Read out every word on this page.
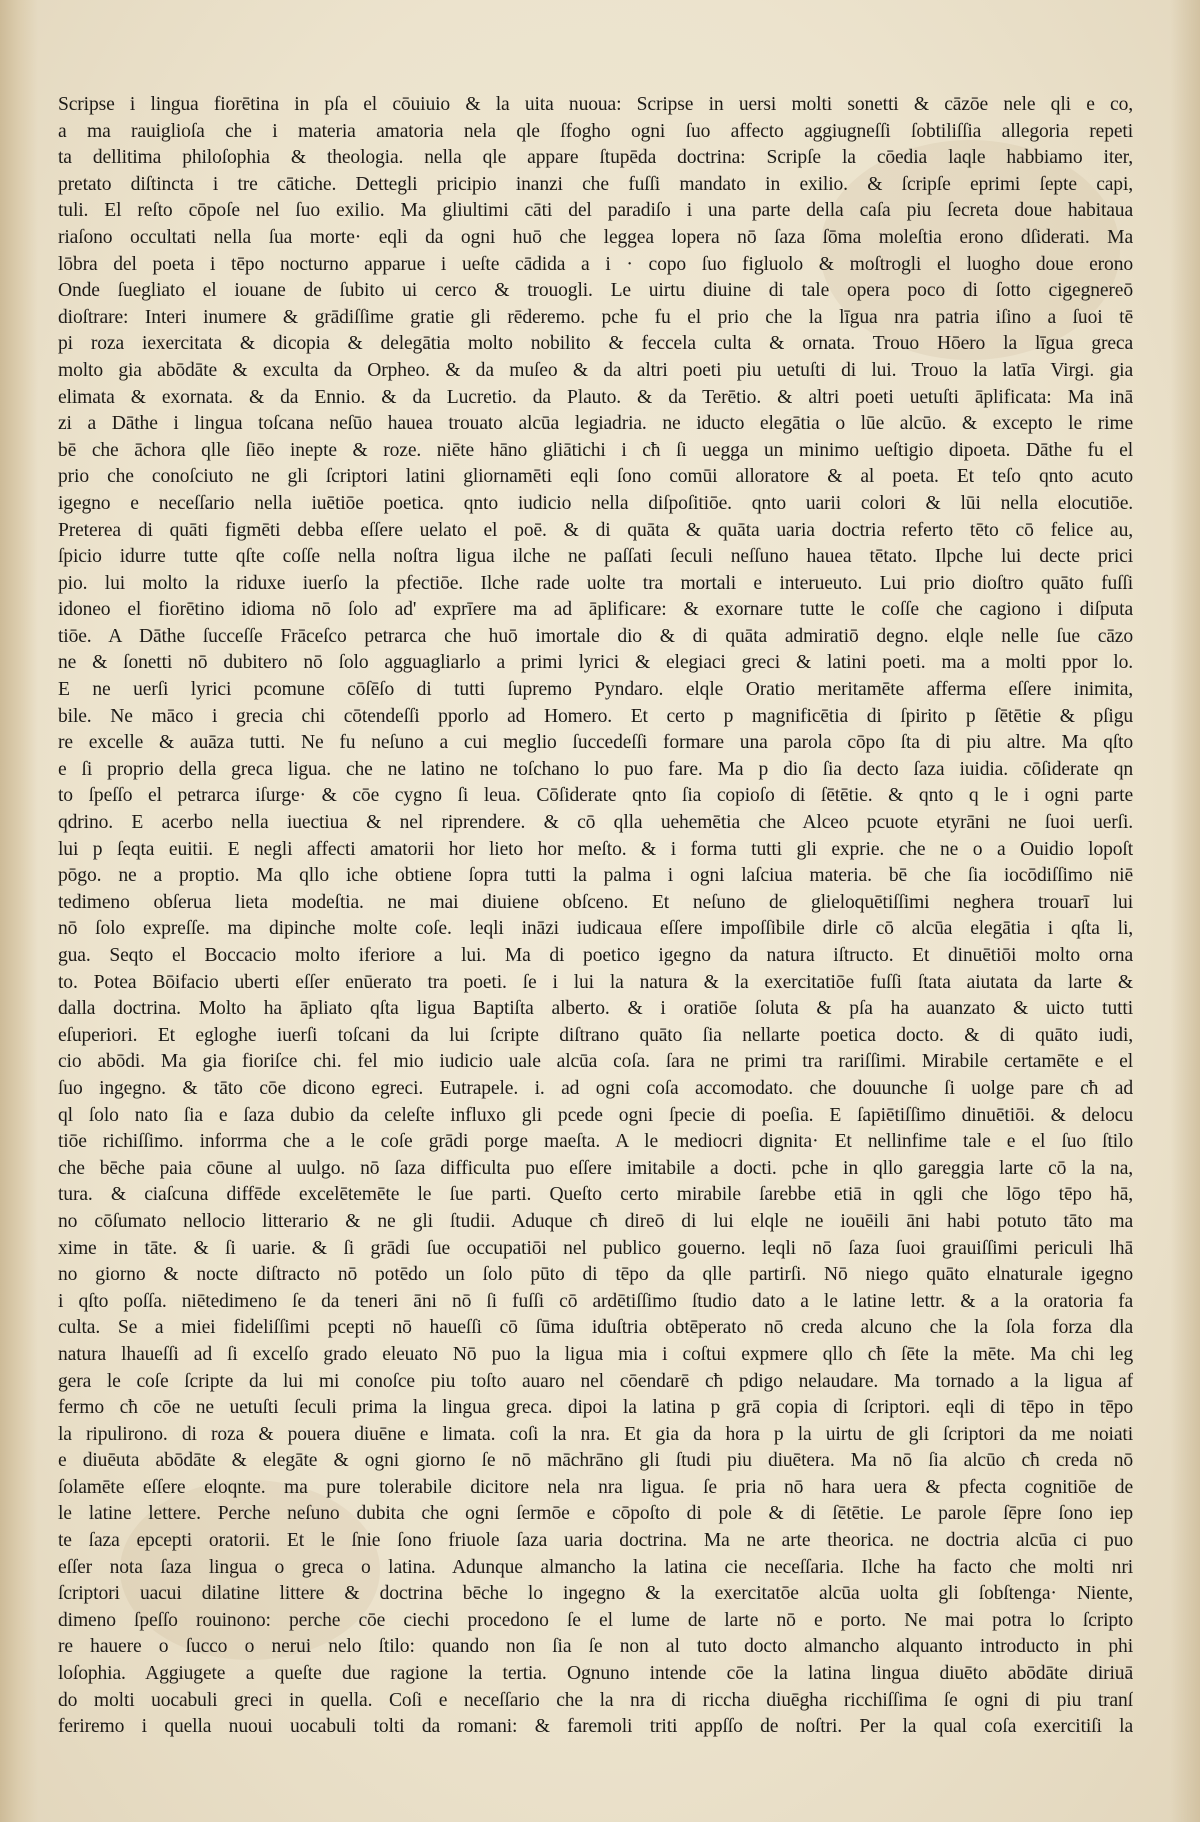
Scripse i lingua fiorētina in pſa el cōuiuio & la uita nuoua: Scripse in uersi molti sonetti & cāzōe nele qli e co,
a ma rauiglioſa che i materia amatoria nela qle ſfogho ogni ſuo affecto aggiugneſſi ſobtiliſſia allegoria repeti
ta dellitima philoſophia & theologia. nella qle appare ſtupēda doctrina: Scripſe la cōedia laqle habbiamo iter,
pretato diſtincta i tre cātiche. Dettegli pricipio inanzi che fuſſi mandato in exilio. & ſcripſe eprimi ſepte capi,
tuli. El reſto cōpoſe nel ſuo exilio. Ma gliultimi cāti del paradiſo i una parte della caſa piu ſecreta doue habitaua
riaſono occultati nella ſua morte· eqli da ogni huō che leggea lopera nō ſaza ſōma moleſtia erono dſiderati. Ma
lōbra del poeta i tēpo nocturno apparue i ueſte cādida a i · copo ſuo figluolo & moſtrogli el luogho doue erono
Onde ſuegliato el iouane de ſubito ui cerco & trouogli. Le uirtu diuine di tale opera poco di ſotto cigegnereō
dioſtrare: Interi inumere & grādiſſime gratie gli rēderemo. pche fu el prio che la līgua nra patria iſino a ſuoi tē
pi roza iexercitata & dicopia & delegātia molto nobilito & feccela culta & ornata. Trouo Hōero la līgua greca
molto gia abōdāte & exculta da Orpheo. & da muſeo & da altri poeti piu uetuſti di lui. Trouo la latīa Virgi. gia
elimata & exornata. & da Ennio. & da Lucretio. da Plauto. & da Terētio. & altri poeti uetuſti āplificata: Ma inā
zi a Dāthe i lingua toſcana neſūo hauea trouato alcūa legiadria. ne iducto elegātia o lūe alcūo. & excepto le rime
bē che āchora qlle ſiēo inepte & roze. niēte hāno gliātichi i cħ ſi uegga un minimo ueſtigio dipoeta. Dāthe fu el
prio che conoſciuto ne gli ſcriptori latini gliornamēti eqli ſono comūi alloratore & al poeta. Et teſo qnto acuto
igegno e neceſſario nella iuētiōe poetica. qnto iudicio nella diſpoſitiōe. qnto uarii colori & lūi nella elocutiōe.
Preterea di quāti figmēti debba eſſere uelato el poē. & di quāta & quāta uaria doctria referto tēto cō felice au,
ſpicio idurre tutte qſte coſſe nella noſtra ligua ilche ne paſſati ſeculi neſſuno hauea tētato. Ilpche lui decte prici
pio. lui molto la riduxe iuerſo la pfectiōe. Ilche rade uolte tra mortali e interueuto. Lui prio dioſtro quāto fuſſi
idoneo el fiorētino idioma nō ſolo ad' exprīere ma ad āplificare: & exornare tutte le coſſe che cagiono i diſputa
tiōe. A Dāthe ſucceſſe Frāceſco petrarca che huō imortale dio & di quāta admiratiō degno. elqle nelle ſue cāzo
ne & ſonetti nō dubitero nō ſolo agguagliarlo a primi lyrici & elegiaci greci & latini poeti. ma a molti ppor lo.
E ne uerſi lyrici pcomune cōſēſo di tutti ſupremo Pyndaro. elqle Oratio meritamēte afferma eſſere inimita,
bile. Ne māco i grecia chi cōtendeſſi pporlo ad Homero. Et certo p magnificētia di ſpirito p ſētētie & pſigu
re excelle & auāza tutti. Ne fu neſuno a cui meglio ſuccedeſſi formare una parola cōpo ſta di piu altre. Ma qſto
e ſi proprio della greca ligua. che ne latino ne toſchano lo puo fare. Ma p dio ſia decto ſaza iuidia. cōſiderate qn
to ſpeſſo el petrarca iſurge· & cōe cygno ſi leua. Cōſiderate qnto ſia copioſo di ſētētie. & qnto q le i ogni parte
qdrino. E acerbo nella iuectiua & nel riprendere. & cō qlla uehemētia che Alceo pcuote etyrāni ne ſuoi uerſi.
lui p ſeqta euitii. E negli affecti amatorii hor lieto hor meſto. & i forma tutti gli exprie. che ne o a Ouidio lopoſt
pōgo. ne a proptio. Ma qllo iche obtiene ſopra tutti la palma i ogni laſciua materia. bē che ſia iocōdiſſimo niē
tedimeno obſerua lieta modeſtia. ne mai diuiene obſceno. Et neſuno de glieloquētiſſimi neghera trouarī lui
nō ſolo expreſſe. ma dipinche molte coſe. leqli ināzi iudicaua eſſere impoſſibile dirle cō alcūa elegātia i qſta li,
gua. Seqto el Boccacio molto iferiore a lui. Ma di poetico igegno da natura iſtructo. Et dinuētiōi molto orna
to. Potea Bōifacio uberti eſſer enūerato tra poeti. ſe i lui la natura & la exercitatiōe fuſſi ſtata aiutata da larte &
dalla doctrina. Molto ha āpliato qſta ligua Baptiſta alberto. & i oratiōe ſoluta & pſa ha auanzato & uicto tutti
eſuperiori. Et egloghe iuerſi toſcani da lui ſcripte diſtrano quāto ſia nellarte poetica docto. & di quāto iudi,
cio abōdi. Ma gia fioriſce chi. fel mio iudicio uale alcūa coſa. ſara ne primi tra rariſſimi. Mirabile certamēte e el
ſuo ingegno. & tāto cōe dicono egreci. Eutrapele. i. ad ogni coſa accomodato. che douunche ſi uolge pare cħ ad
ql ſolo nato ſia e ſaza dubio da celeſte influxo gli pcede ogni ſpecie di poeſia. E ſapiētiſſimo dinuētiōi. & delocu
tiōe richiſſimo. inforrma che a le coſe grādi porge maeſta. A le mediocri dignita· Et nellinfime tale e el ſuo ſtilo
che bēche paia cōune al uulgo. nō ſaza difficulta puo eſſere imitabile a docti. pche in qllo gareggia larte cō la na,
tura. & ciaſcuna diffēde excelētemēte le ſue parti. Queſto certo mirabile ſarebbe etiā in qgli che lōgo tēpo hā,
no cōſumato nellocio litterario & ne gli ſtudii. Aduque cħ direō di lui elqle ne iouēili āni habi potuto tāto ma
xime in tāte. & ſi uarie. & ſi grādi ſue occupatiōi nel publico gouerno. leqli nō ſaza ſuoi grauiſſimi periculi lhā
no giorno & nocte diſtracto nō potēdo un ſolo pūto di tēpo da qlle partirſi. Nō niego quāto elnaturale igegno
i qſto poſſa. niētedimeno ſe da teneri āni nō ſi fuſſi cō ardētiſſimo ſtudio dato a le latine lettr. & a la oratoria fa
culta. Se a miei fideliſſimi pcepti nō haueſſi cō ſūma iduſtria obtēperato nō creda alcuno che la ſola forza dla
natura lhaueſſi ad ſi excelſo grado eleuato Nō puo la ligua mia i coſtui expmere qllo cħ ſēte la mēte. Ma chi leg
gera le coſe ſcripte da lui mi conoſce piu toſto auaro nel cōendarē cħ pdigo nelaudare. Ma tornado a la ligua af
fermo cħ cōe ne uetuſti ſeculi prima la lingua greca. dipoi la latina p grā copia di ſcriptori. eqli di tēpo in tēpo
la ripulirono. di roza & pouera diuēne e limata. coſi la nra. Et gia da hora p la uirtu de gli ſcriptori da me noiati
e diuēuta abōdāte & elegāte & ogni giorno ſe nō māchrāno gli ſtudi piu diuētera. Ma nō ſia alcūo cħ creda nō
ſolamēte eſſere eloqnte. ma pure tolerabile dicitore nela nra ligua. ſe pria nō hara uera & pfecta cognitiōe de
le latine lettere. Perche neſuno dubita che ogni ſermōe e cōpoſto di pole & di ſētētie. Le parole ſēpre ſono iep
te ſaza epcepti oratorii. Et le ſnie ſono friuole ſaza uaria doctrina. Ma ne arte theorica. ne doctria alcūa ci puo
eſſer nota ſaza lingua o greca o latina. Adunque almancho la latina cie neceſſaria. Ilche ha facto che molti nri
ſcriptori uacui dilatine littere & doctrina bēche lo ingegno & la exercitatōe alcūa uolta gli ſobſtenga· Niente,
dimeno ſpeſſo rouinono: perche cōe ciechi procedono ſe el lume de larte nō e porto. Ne mai potra lo ſcripto
re hauere o ſucco o nerui nelo ſtilo: quando non ſia ſe non al tuto docto almancho alquanto introducto in phi
loſophia. Aggiugete a queſte due ragione la tertia. Ognuno intende cōe la latina lingua diuēto abōdāte diriuā
do molti uocabuli greci in quella. Coſi e neceſſario che la nra di riccha diuēgha ricchiſſima ſe ogni di piu tranſ
feriremo i quella nuoui uocabuli tolti da romani: & faremoli triti appſſo de noſtri. Per la qual coſa exercitiſi la
